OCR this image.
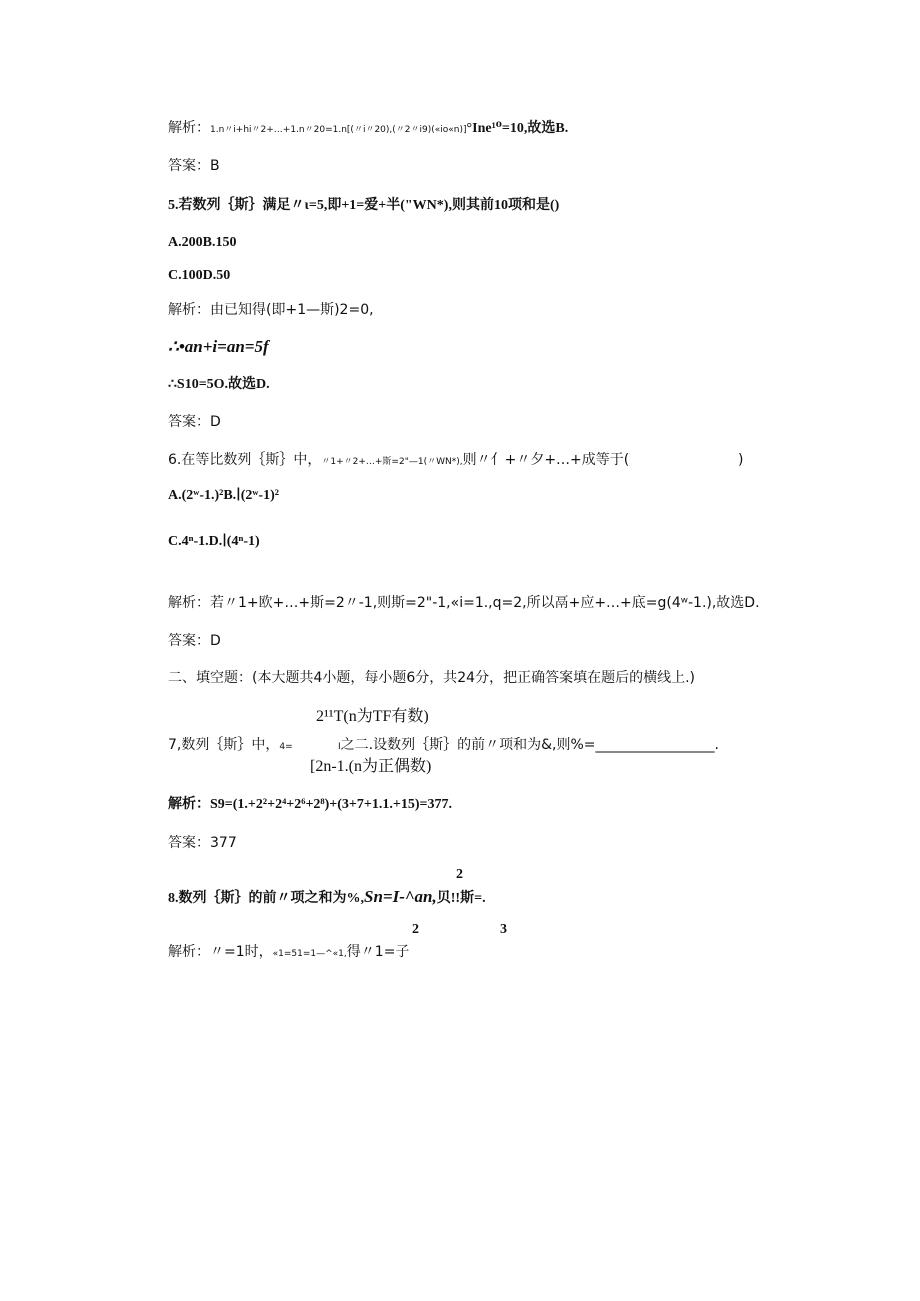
解析：1.n〃i+hi〃2+…+1.n〃20=1.n[(〃i〃20),(〃2〃i9)(«io«n)]°Ine¹⁰=10,故选B.
答案：B
5.若数列｛斯｝满足〃ι=5,即+1=爱+半("WN*),则其前10项和是()
A.200B.150
C.100D.50
解析：由已知得(即+1—斯)2=0,
∴•an+i=an=5f
∴S10=5O.故选D.
答案：D
6.在等比数列｛斯｝中，〃1+〃2+…+斯=2"—1(〃WN*),则〃亻+〃夕+…+成等于(	)
A.(2ʷ-1.)²B.∣(2ʷ-1)²
C.4ⁿ-1.D.∣(4ⁿ-1)
解析：若〃1+欧+…+斯=2〃-1,则斯=2"-1,«i=1.,q=2,所以鬲+应+…+底=g(4ʷ-1.),故选D.
答案：D
二、填空题：(本大题共4小题，每小题6分，共24分，把正确答案填在题后的横线上.)
2¹¹T(n为TF有数)
7,数列｛斯｝中，4=	I之二.设数列｛斯｝的前〃项和为&,则%=_________________.
[2n-1.(n为正偶数)
解析：S9=(1.+2²+2⁴+2⁶+2⁸)+(3+7+1.1.+15)=377.
答案：377
2
8.数列｛斯｝的前〃项之和为%,Sn=I-^an,贝!!斯=.
2	3
解析：〃=1时，«1=51=1—^«1,得〃1=子
